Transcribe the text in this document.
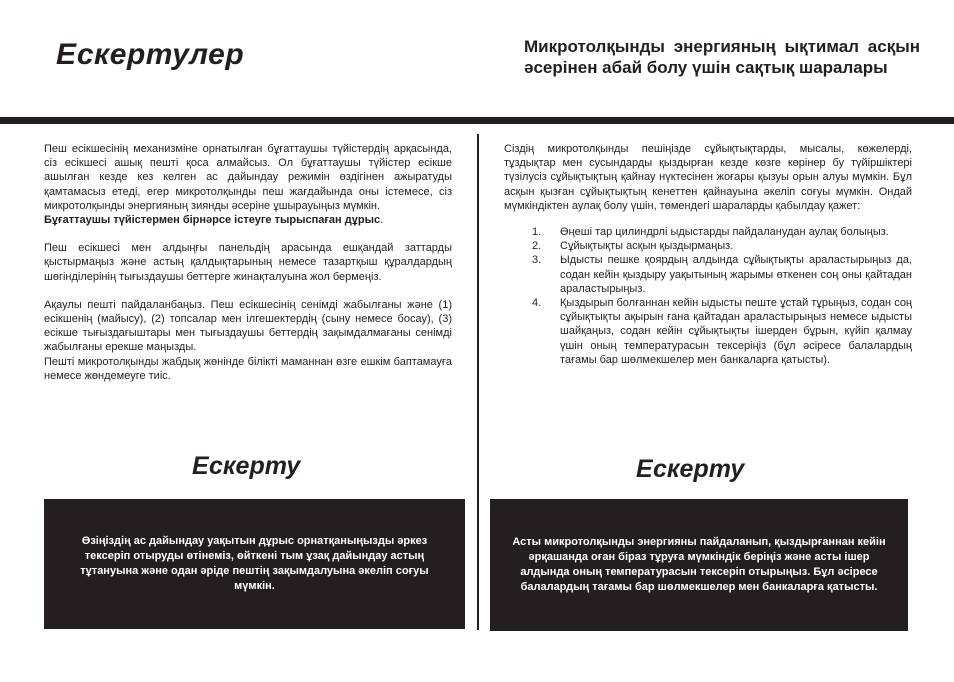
Ескертулер	Микротолқынды энергияның ықтимал асқын әсерінен абай болу үшін сақтық шаралары

Пеш есікшесінің механизміне орнатылған бұғаттаушы түйістердің арқасында, сіз есікшесі ашық пешті қоса алмайсыз. Ол бұғаттаушы түйістер есікше ашылған кезде кез келген ас дайындау режимін өздігінен ажыратуды қамтамасыз етеді, егер микротолқынды пеш жағдайында оны істемесе, сіз микротолқынды энергияның зиянды әсеріне ұшырауыңыз мүмкін.
Бұғаттаушы түйістермен бірнәрсе істеуге тырыспаған дұрыс.

Пеш есікшесі мен алдыңғы панельдің арасында ешқандай заттарды қыстырмаңыз және астың қалдықтарының немесе тазартқыш құралдардың шөгінділерінің тығыздаушы беттерге жинақталуына жол бермеңіз.

Ақаулы пешті пайдаланбаңыз. Пеш есікшесінің сенімді жабылғаны және (1) есікшенің (майысу), (2) топсалар мен ілгешектердің (сыну немесе босау), (3) есікше тығыздағыштары мен тығыздаушы беттердің зақымдалмағаны сенімді жабылғаны ерекше маңызды.

Пешті микротолқынды жабдық жөнінде білікті маманнан өзге ешкім баптамауға немесе жөндемеуге тиіс.

Ескерту
Өзіңіздің ас дайындау уақытын дұрыс орнатқаныңызды әркез тексеріп отыруды өтінеміз, өйткені тым ұзақ дайындау астың тұтануына және одан әріде пештің зақымдалуына әкеліп соғуы мүмкін.

Сіздің микротолқынды пешіңізде сұйықтықтарды, мысалы, көжелерді, тұздықтар мен сусындарды қыздырған кезде көзге көрінер бу түйіршіктері түзілусіз сұйықтықтың қайнау нүктесінен жоғары қызуы орын алуы мүмкін. Бұл асқын қызған сұйықтықтың кенеттен қайнауына әкеліп соғуы мүмкін. Ондай мүмкіндіктен аулақ болу үшін, төмендегі шараларды қабылдау қажет:

1. Өңеші тар цилиндрлі ыдыстарды пайдаланудан аулақ болыңыз.
2. Сұйықтықты асқын қыздырмаңыз.
3. Ыдысты пешке қоярдың алдында сұйықтықты араластырыңыз да, содан кейін қыздыру уақытының жарымы өткенен соң оны қайтадан араластырыңыз.
4. Қыздырып болғаннан кейін ыдысты пеште ұстай тұрыңыз, содан соң сұйықтықты ақырын ғана қайтадан араластырыңыз немесе ыдысты шайқаңыз, содан кейін сұйықтықты ішерден бұрын, күйіп қалмау үшін оның температурасын тексеріңіз (бұл әсіресе балалардың тағамы бар шөлмекшелер мен банкаларға қатысты).
Ескерту
Асты микротолқынды энергияны пайдаланып, қыздырғаннан кейін әрқашанда оған біраз тұруға мүмкіндік беріңіз және асты ішер алдында оның температурасын тексеріп отырыңыз. Бұл әсіресе балалардың тағамы бар шөлмекшелер мен банкаларға қатысты.
